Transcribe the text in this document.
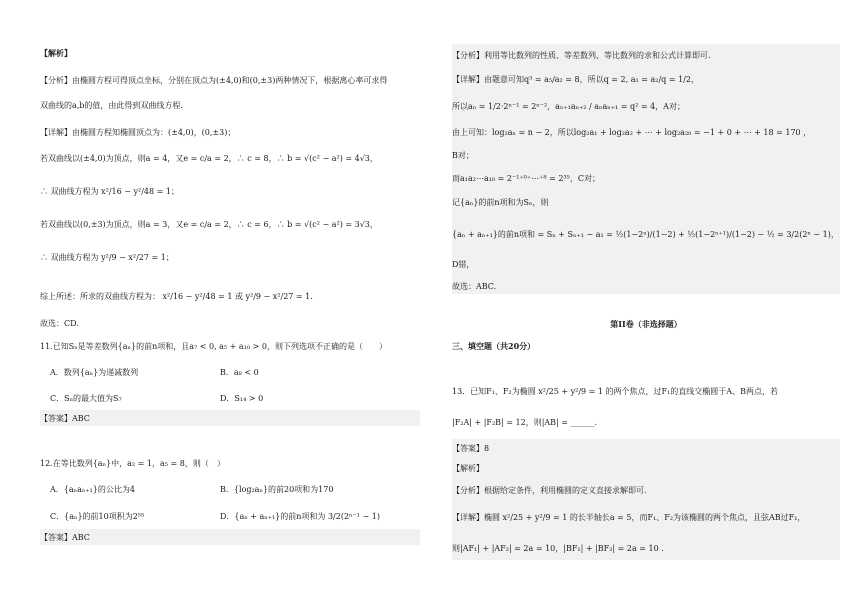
【解析】
【分析】由椭圆方程可得顶点坐标，分别在顶点为(±4,0)和(0,±3)两种情况下，根据离心率可求得
双曲线的a,b的值，由此得到双曲线方程.
【详解】由椭圆方程知椭圆顶点为：(±4,0)，(0,±3)；
若双曲线以(±4,0)为顶点，则a = 4，又e = c/a = 2，∴ c = 8，∴ b = √(c² − a²) = 4√3，
∴ 双曲线方程为 x²/16 − y²/48 = 1；
若双曲线以(0,±3)为顶点，则a = 3，又e = c/a = 2，∴ c = 6，∴ b = √(c² − a²) = 3√3，
∴ 双曲线方程为 y²/9 − x²/27 = 1；
综上所述：所求的双曲线方程为： x²/16 − y²/48 = 1 或 y²/9 − x²/27 = 1.
故选：CD.
11.已知Sₙ是等差数列{aₙ}的前n项和，且a₇ < 0, a₅ + a₁₀ > 0，则下列选项不正确的是（　　）
A．数列{aₙ}为递减数列	B．a₈ < 0
C．Sₙ的最大值为S₇	D．S₁₄ > 0
【答案】ABC
12.在等比数列{aₙ}中，a₂ = 1，a₅ = 8，则（　）
A．{aₙaₙ₊₁}的公比为4	B．{log₂aₙ}的前20项和为170
C．{aₙ}的前10项积为2⁵⁵	D．{aₙ + aₙ₊₁}的前n项和为 3/2(2ⁿ⁻¹ − 1)
【答案】ABC
【分析】利用等比数列的性质、等差数列、等比数列的求和公式计算即可.
【详解】由题意可知q³ = a₅/a₂ = 8，所以q = 2, a₁ = a₂/q = 1/2，
所以aₙ = 1/2·2ⁿ⁻¹ = 2ⁿ⁻²，aₙ₊₁aₙ₊₂ / aₙaₙ₊₁ = q² = 4，A对；
由上可知：log₂aₙ = n − 2，所以log₂a₁ + log₂a₂ + ⋯ + log₂a₂₀ = −1 + 0 + ⋯ + 18 = 170 ，
B对；
而a₁a₂⋯a₁₀ = 2⁻¹⁺⁰⁺⋯⁺⁸ = 2³⁵，C对；
记{aₙ}的前n项和为Sₙ，则
{aₙ + aₙ₊₁}的前n项和 = Sₙ + Sₙ₊₁ − a₁ = ½(1−2ⁿ)/(1−2) + ½(1−2ⁿ⁺¹)/(1−2) − ½ = 3/2(2ⁿ − 1)，
D错，
故选：ABC.
第II卷（非选择题）
三、填空题（共20分）
13．已知F₁、F₂为椭圆 x²/25 + y²/9 = 1 的两个焦点，过F₁的直线交椭圆于A、B两点，若
|F₂A| + |F₂B| = 12，则|AB| = ______.
【答案】8
【解析】
【分析】根据给定条件，利用椭圆的定义直接求解即可.
【详解】椭圆 x²/25 + y²/9 = 1 的长半轴长a = 5，而F₁、F₂为该椭圆的两个焦点，且弦AB过F₁，
则|AF₁| + |AF₂| = 2a = 10，|BF₁| + |BF₂| = 2a = 10 .
